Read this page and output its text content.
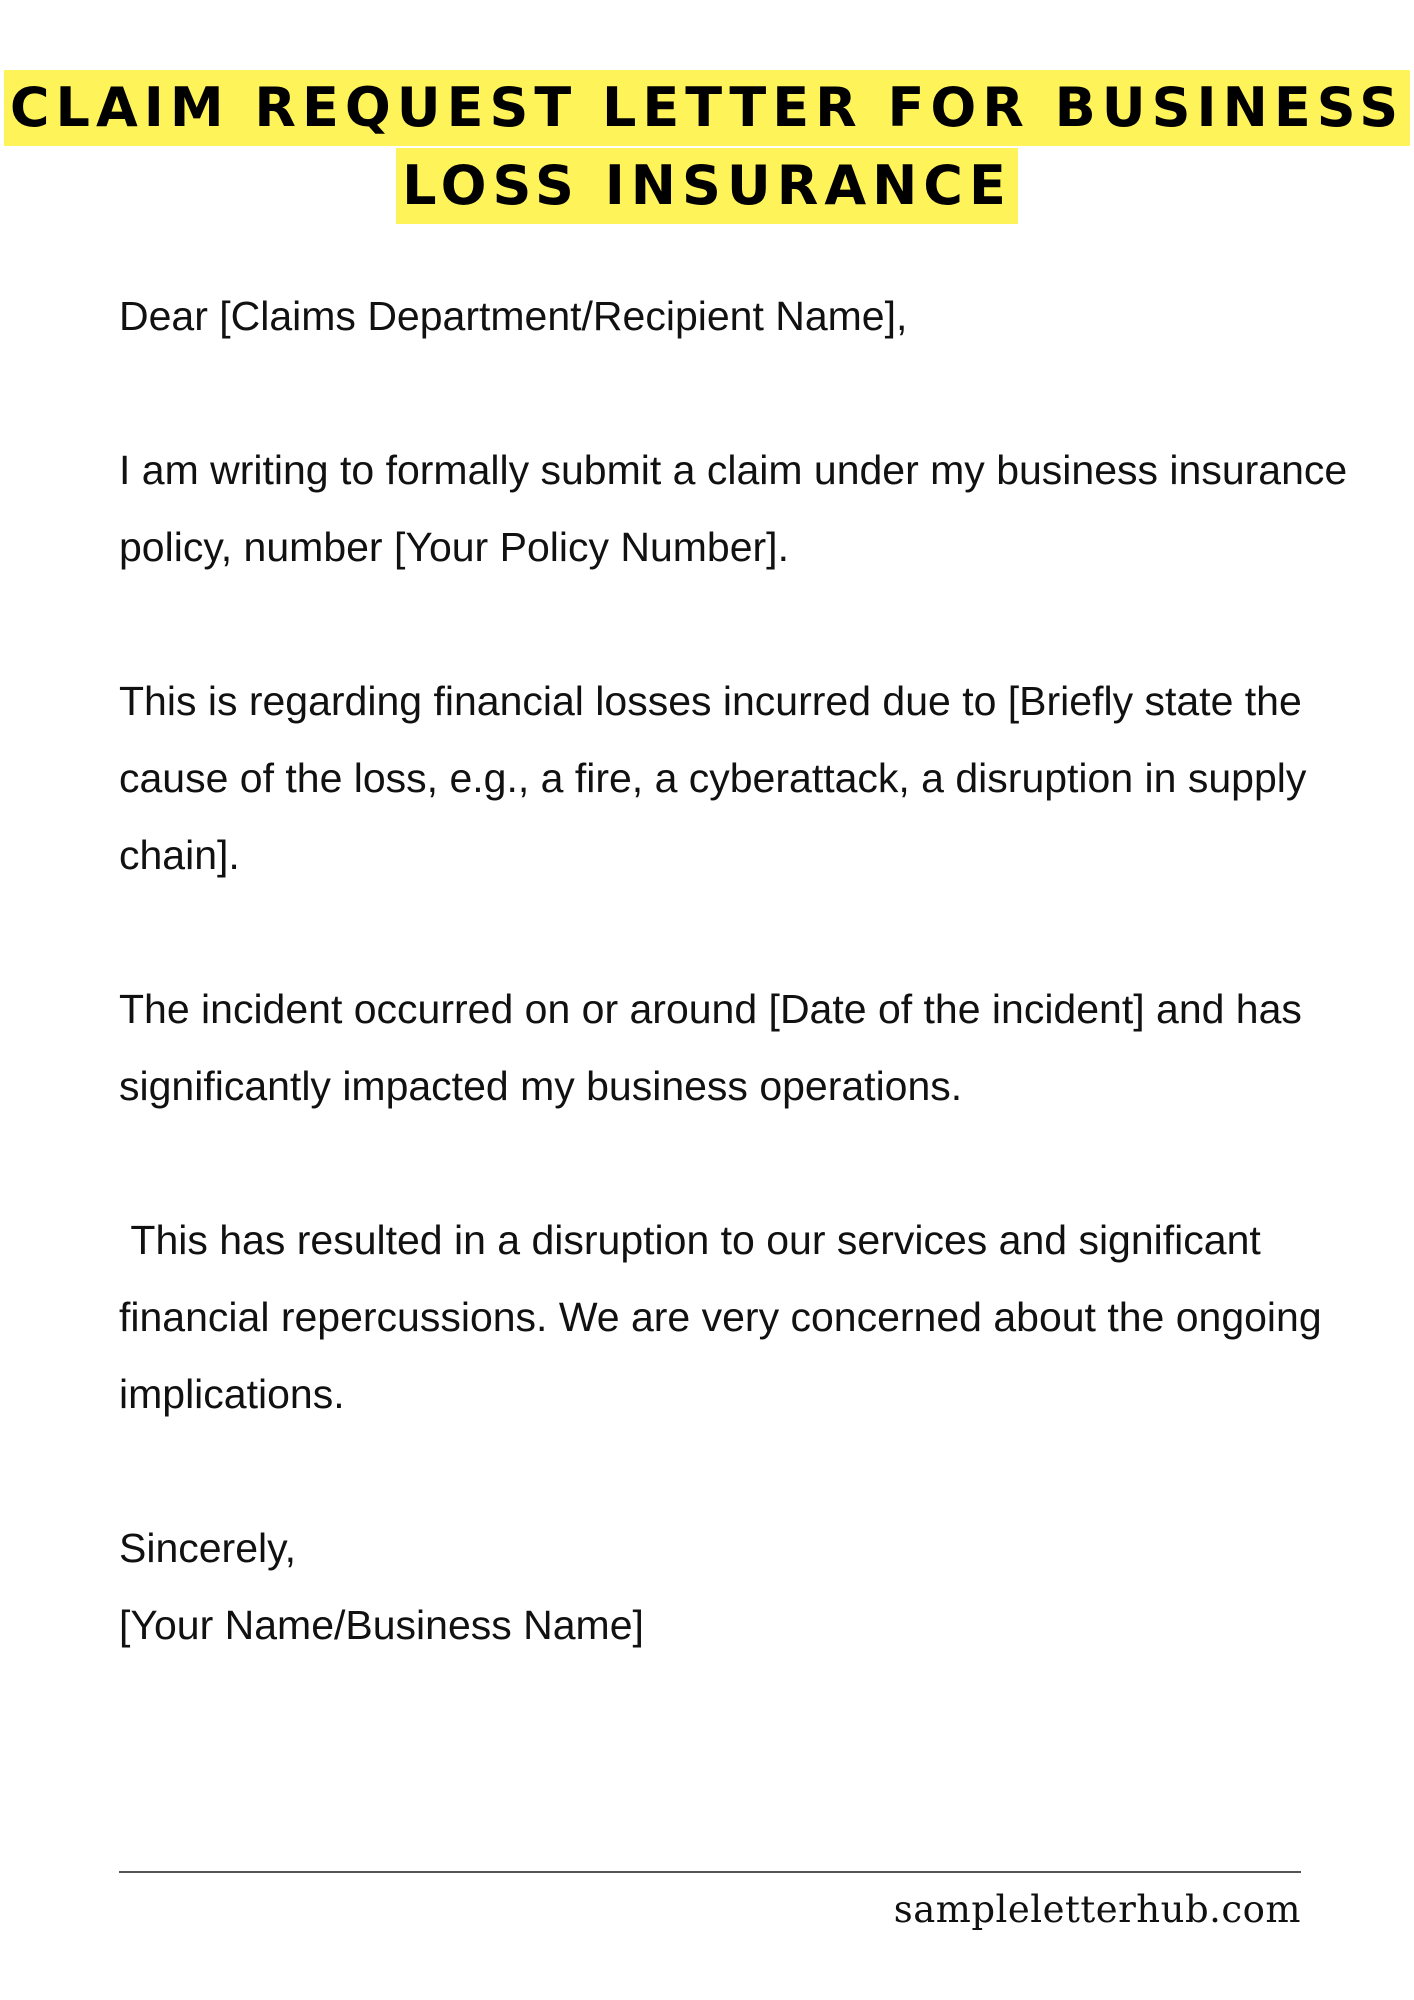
CLAIM REQUEST LETTER FOR BUSINESS
LOSS INSURANCE

Dear [Claims Department/Recipient Name],

I am writing to formally submit a claim under my business insurance policy, number [Your Policy Number].

This is regarding financial losses incurred due to [Briefly state the cause of the loss, e.g., a fire, a cyberattack, a disruption in supply chain].

The incident occurred on or around [Date of the incident] and has significantly impacted my business operations.

This has resulted in a disruption to our services and significant financial repercussions. We are very concerned about the ongoing implications.

Sincerely,

[Your Name/Business Name]

sampleletterhub.com
